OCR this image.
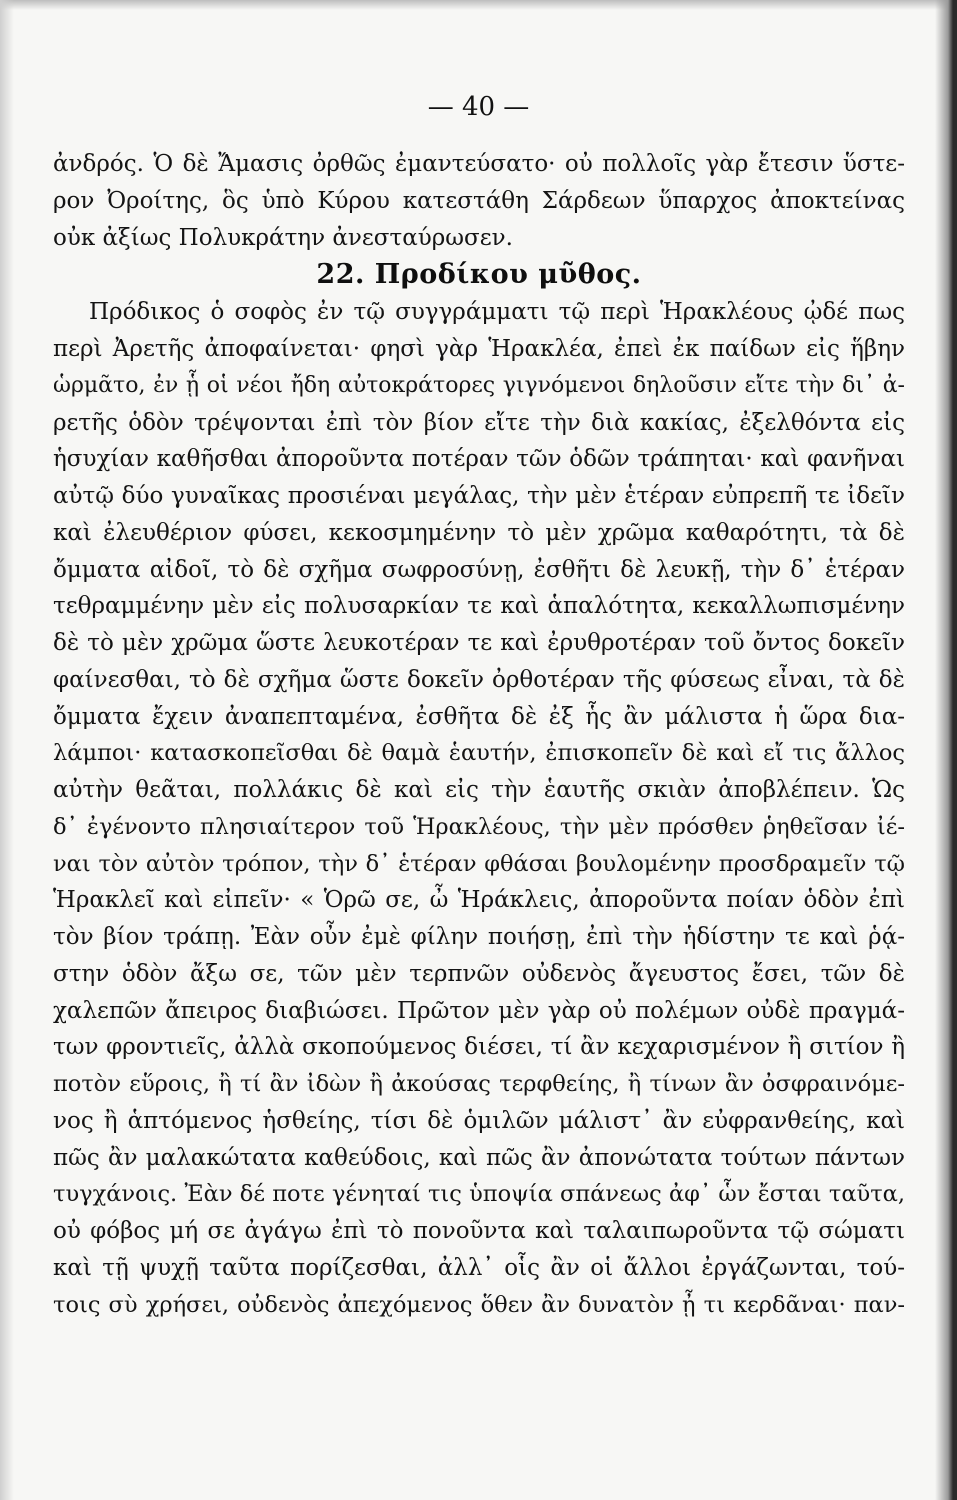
— 40 —
ἀνδρός. Ὁ δὲ Ἄμασις ὀρθῶς ἐμαντεύσατο· οὐ πολλοῖς γὰρ ἔτεσιν ὕστε-
ρον Ὀροίτης, ὃς ὑπὸ Κύρου κατεστάθη Σάρδεων ὕπαρχος ἀποκτείνας
οὐκ ἀξίως Πολυκράτην ἀνεσταύρωσεν.
22. Προδίκου μῦθος.
Πρόδικος ὁ σοφὸς ἐν τῷ συγγράμματι τῷ περὶ Ἡρακλέους ᾠδέ πως
περὶ Ἀρετῆς ἀποφαίνεται· φησὶ γὰρ Ἡρακλέα, ἐπεὶ ἐκ παίδων εἰς ἥβην
ὡρμᾶτο, ἐν ᾗ οἱ νέοι ἤδη αὐτοκράτορες γιγνόμενοι δηλοῦσιν εἴτε τὴν δι᾽ ἀ-
ρετῆς ὁδὸν τρέψονται ἐπὶ τὸν βίον εἴτε τὴν διὰ κακίας, ἐξελθόντα εἰς
ἡσυχίαν καθῆσθαι ἀποροῦντα ποτέραν τῶν ὁδῶν τράπηται· καὶ φανῆναι
αὐτῷ δύο γυναῖκας προσιέναι μεγάλας, τὴν μὲν ἑτέραν εὐπρεπῆ τε ἰδεῖν
καὶ ἐλευθέριον φύσει, κεκοσμημένην τὸ μὲν χρῶμα καθαρότητι, τὰ δὲ
ὄμματα αἰδοῖ, τὸ δὲ σχῆμα σωφροσύνῃ, ἐσθῆτι δὲ λευκῇ, τὴν δ᾽ ἑτέραν
τεθραμμένην μὲν εἰς πολυσαρκίαν τε καὶ ἁπαλότητα, κεκαλλωπισμένην
δὲ τὸ μὲν χρῶμα ὥστε λευκοτέραν τε καὶ ἐρυθροτέραν τοῦ ὄντος δοκεῖν
φαίνεσθαι, τὸ δὲ σχῆμα ὥστε δοκεῖν ὀρθοτέραν τῆς φύσεως εἶναι, τὰ δὲ
ὄμματα ἔχειν ἀναπεπταμένα, ἐσθῆτα δὲ ἐξ ἧς ἂν μάλιστα ἡ ὥρα δια-
λάμποι· κατασκοπεῖσθαι δὲ θαμὰ ἑαυτήν, ἐπισκοπεῖν δὲ καὶ εἴ τις ἄλλος
αὐτὴν θεᾶται, πολλάκις δὲ καὶ εἰς τὴν ἑαυτῆς σκιὰν ἀποβλέπειν. Ὡς
δ᾽ ἐγένοντο πλησιαίτερον τοῦ Ἡρακλέους, τὴν μὲν πρόσθεν ῥηθεῖσαν ἰέ-
ναι τὸν αὐτὸν τρόπον, τὴν δ᾽ ἑτέραν φθάσαι βουλομένην προσδραμεῖν τῷ
Ἡρακλεῖ καὶ εἰπεῖν· « Ὁρῶ σε, ὦ Ἡράκλεις, ἀποροῦντα ποίαν ὁδὸν ἐπὶ
τὸν βίον τράπῃ. Ἐὰν οὖν ἐμὲ φίλην ποιήσῃ, ἐπὶ τὴν ἡδίστην τε καὶ ῥᾴ-
στην ὁδὸν ἄξω σε, τῶν μὲν τερπνῶν οὐδενὸς ἄγευστος ἔσει, τῶν δὲ
χαλεπῶν ἄπειρος διαβιώσει. Πρῶτον μὲν γὰρ οὐ πολέμων οὐδὲ πραγμά-
των φροντιεῖς, ἀλλὰ σκοπούμενος διέσει, τί ἂν κεχαρισμένον ἢ σιτίον ἢ
ποτὸν εὕροις, ἢ τί ἂν ἰδὼν ἢ ἀκούσας τερφθείης, ἢ τίνων ἂν ὀσφραινόμε-
νος ἢ ἁπτόμενος ἡσθείης, τίσι δὲ ὁμιλῶν μάλιστ᾽ ἂν εὐφρανθείης, καὶ
πῶς ἂν μαλακώτατα καθεύδοις, καὶ πῶς ἂν ἀπονώτατα τούτων πάντων
τυγχάνοις. Ἐὰν δέ ποτε γένηταί τις ὑποψία σπάνεως ἀφ᾽ ὧν ἔσται ταῦτα,
οὐ φόβος μή σε ἀγάγω ἐπὶ τὸ πονοῦντα καὶ ταλαιπωροῦντα τῷ σώματι
καὶ τῇ ψυχῇ ταῦτα πορίζεσθαι, ἀλλ᾽ οἷς ἂν οἱ ἄλλοι ἐργάζωνται, τού-
τοις σὺ χρήσει, οὐδενὸς ἀπεχόμενος ὅθεν ἂν δυνατὸν ᾖ τι κερδᾶναι· παν-
